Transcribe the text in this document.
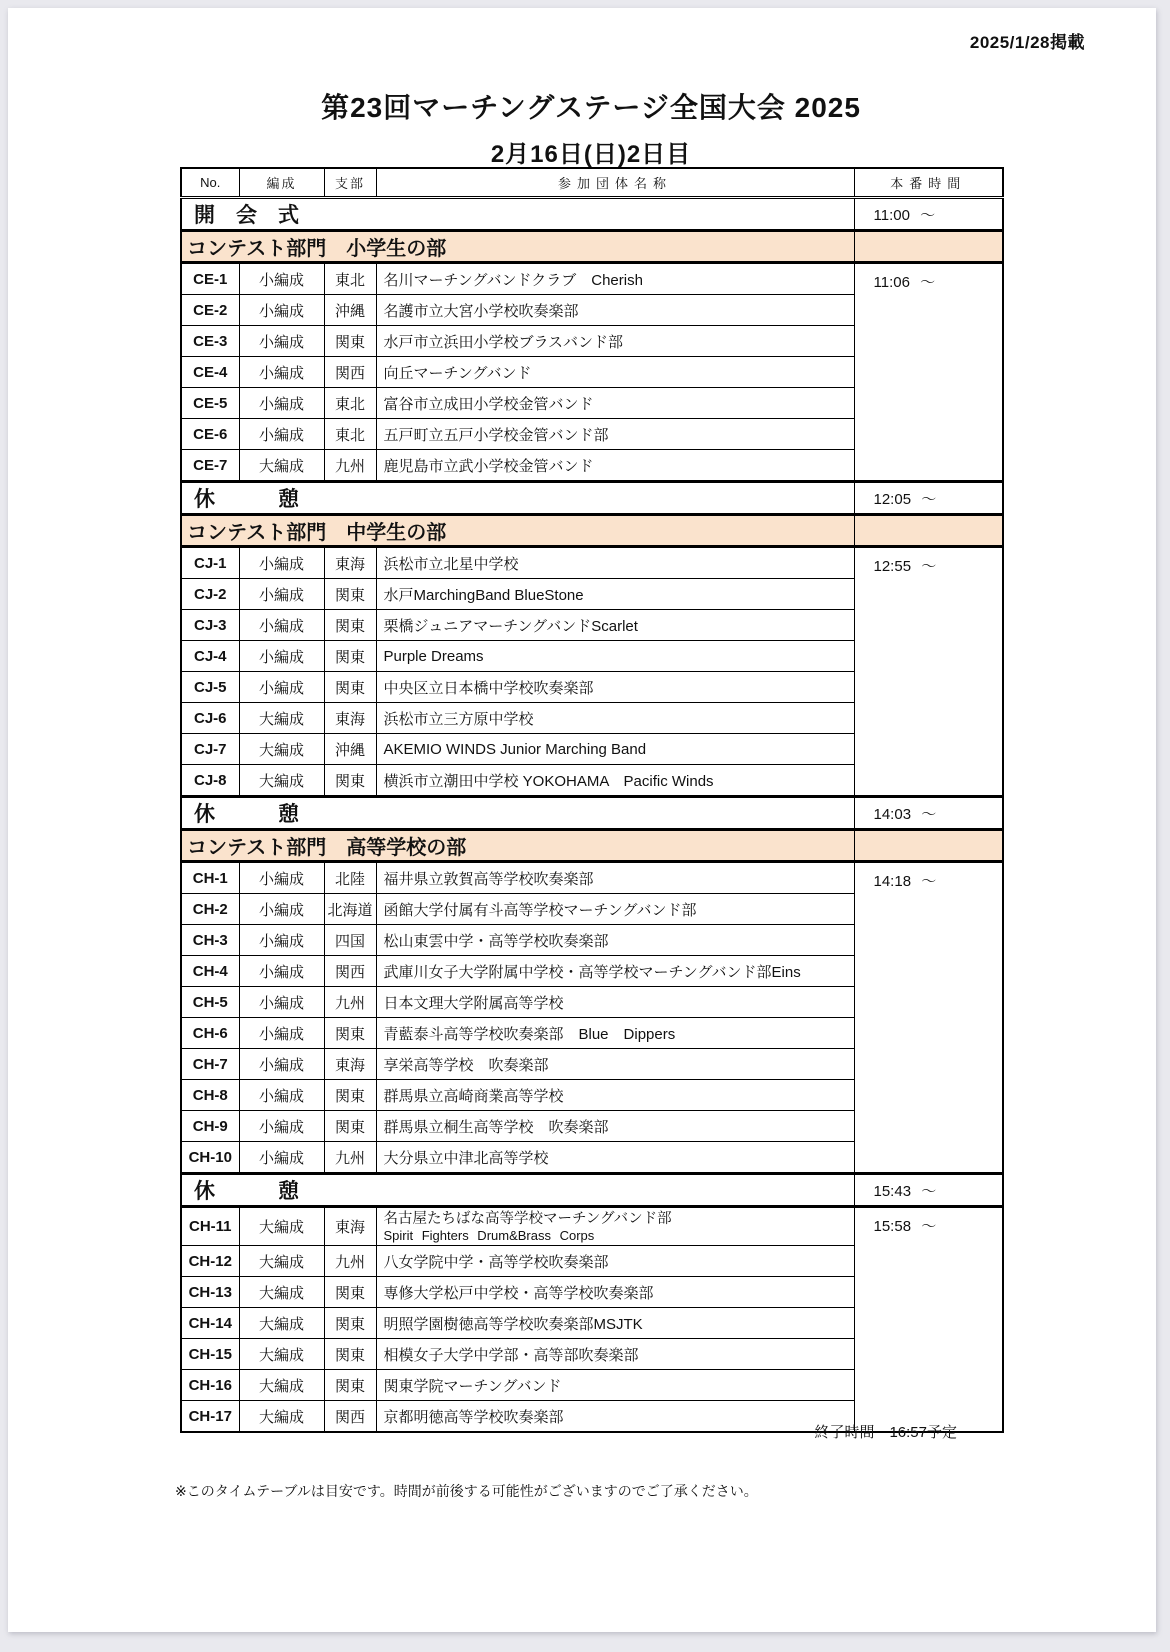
2025/1/28掲載
第23回マーチングステージ全国大会 2025
2月16日(日)2日目
No.	編成	支部	参加団体名称	本番時間
開　会　式				11:00 ～
コンテスト部門　小学生の部				
CE-1	小編成	東北	名川マーチングバンドクラブ　Cherish	11:06 ～
CE-2	小編成	沖縄	名護市立大宮小学校吹奏楽部	
CE-3	小編成	関東	水戸市立浜田小学校ブラスバンド部	
CE-4	小編成	関西	向丘マーチングバンド	
CE-5	小編成	東北	富谷市立成田小学校金管バンド	
CE-6	小編成	東北	五戸町立五戸小学校金管バンド部	
CE-7	大編成	九州	鹿児島市立武小学校金管バンド	
休　　　憩				12:05 ～
コンテスト部門　中学生の部				
CJ-1	小編成	東海	浜松市立北星中学校	12:55 ～
CJ-2	小編成	関東	水戸MarchingBand BlueStone	
CJ-3	小編成	関東	栗橋ジュニアマーチングバンドScarlet	
CJ-4	小編成	関東	Purple Dreams	
CJ-5	小編成	関東	中央区立日本橋中学校吹奏楽部	
CJ-6	大編成	東海	浜松市立三方原中学校	
CJ-7	大編成	沖縄	AKEMIO WINDS Junior Marching Band	
CJ-8	大編成	関東	横浜市立潮田中学校 YOKOHAMA　Pacific Winds	
休　　　憩				14:03 ～
コンテスト部門　高等学校の部				
CH-1	小編成	北陸	福井県立敦賀高等学校吹奏楽部	14:18 ～
CH-2	小編成	北海道	函館大学付属有斗高等学校マーチングバンド部	
CH-3	小編成	四国	松山東雲中学・高等学校吹奏楽部	
CH-4	小編成	関西	武庫川女子大学附属中学校・高等学校マーチングバンド部Eins	
CH-5	小編成	九州	日本文理大学附属高等学校	
CH-6	小編成	関東	青藍泰斗高等学校吹奏楽部　Blue　Dippers	
CH-7	小編成	東海	享栄高等学校　吹奏楽部	
CH-8	小編成	関東	群馬県立高崎商業高等学校	
CH-9	小編成	関東	群馬県立桐生高等学校　吹奏楽部	
CH-10	小編成	九州	大分県立中津北高等学校	
休　　　憩				15:43 ～
CH-11	大編成	東海	名古屋たちばな高等学校マーチングバンド部
Spirit Fighters Drum&Brass Corps	15:58 ～
CH-12	大編成	九州	八女学院中学・高等学校吹奏楽部	
CH-13	大編成	関東	専修大学松戸中学校・高等学校吹奏楽部	
CH-14	大編成	関東	明照学園樹徳高等学校吹奏楽部MSJTK	
CH-15	大編成	関東	相模女子大学中学部・高等部吹奏楽部	
CH-16	大編成	関東	関東学院マーチングバンド	
CH-17	大編成	関西	京都明徳高等学校吹奏楽部	
終了時間　16:57予定
※このタイムテーブルは目安です。時間が前後する可能性がございますのでご了承ください。
